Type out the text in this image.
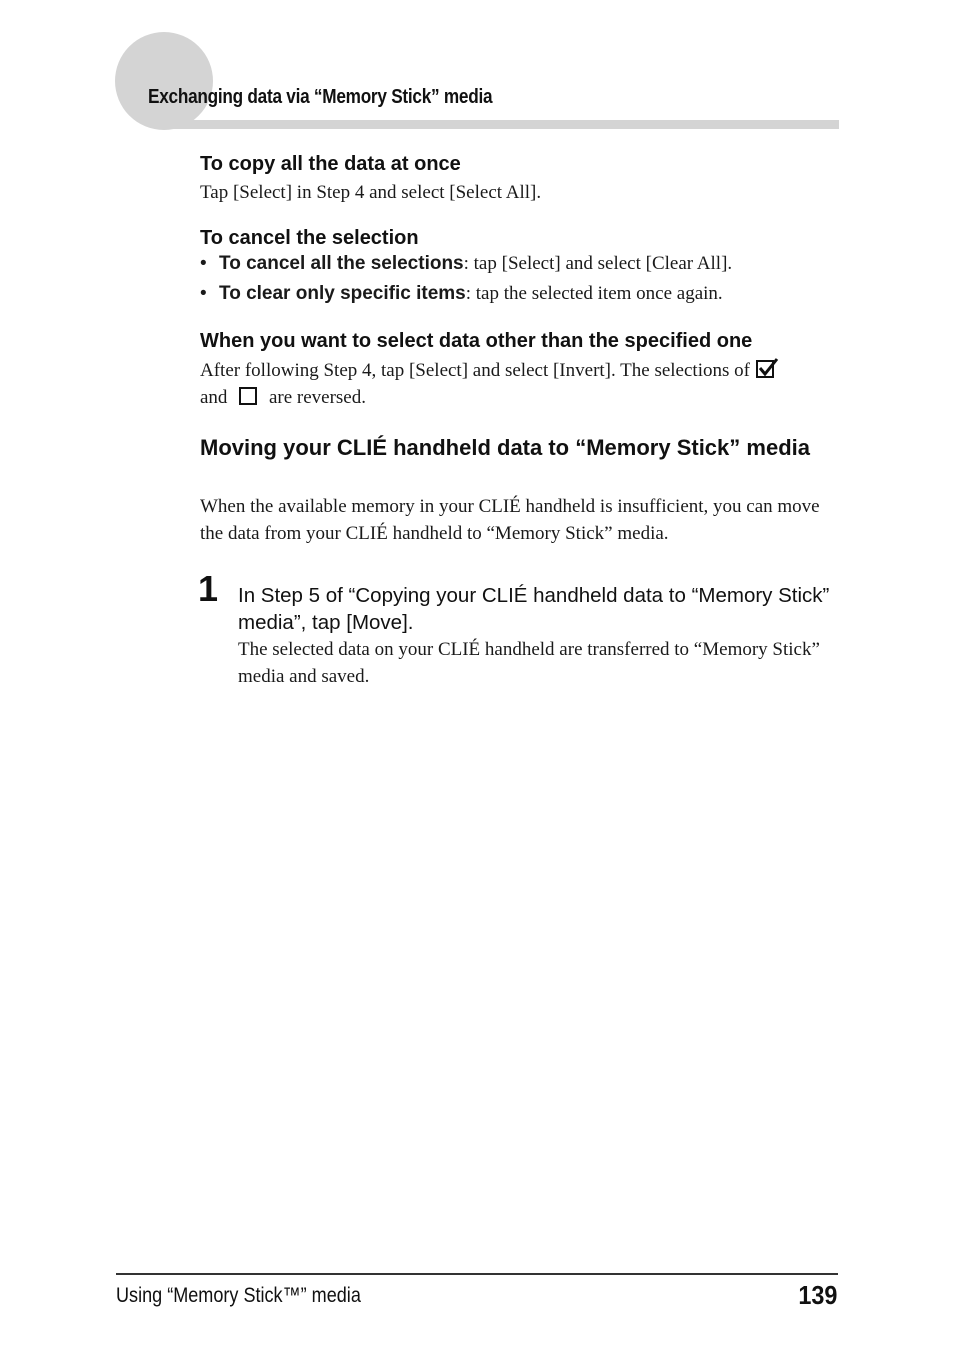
Exchanging data via “Memory Stick” media
To copy all the data at once
Tap [Select] in Step 4 and select [Select All].
To cancel the selection
• To cancel all the selections: tap [Select] and select [Clear All].
• To clear only specific items: tap the selected item once again.
When you want to select data other than the specified one
After following Step 4, tap [Select] and select [Invert]. The selections of
and are reversed.
Moving your CLIÉ handheld data to “Memory Stick” media
When the available memory in your CLIÉ handheld is insufficient, you can move the data from your CLIÉ handheld to “Memory Stick” media.
1 In Step 5 of “Copying your CLIÉ handheld data to “Memory Stick” media”, tap [Move].
The selected data on your CLIÉ handheld are transferred to “Memory Stick” media and saved.
Using “Memory Stick™” media	139
